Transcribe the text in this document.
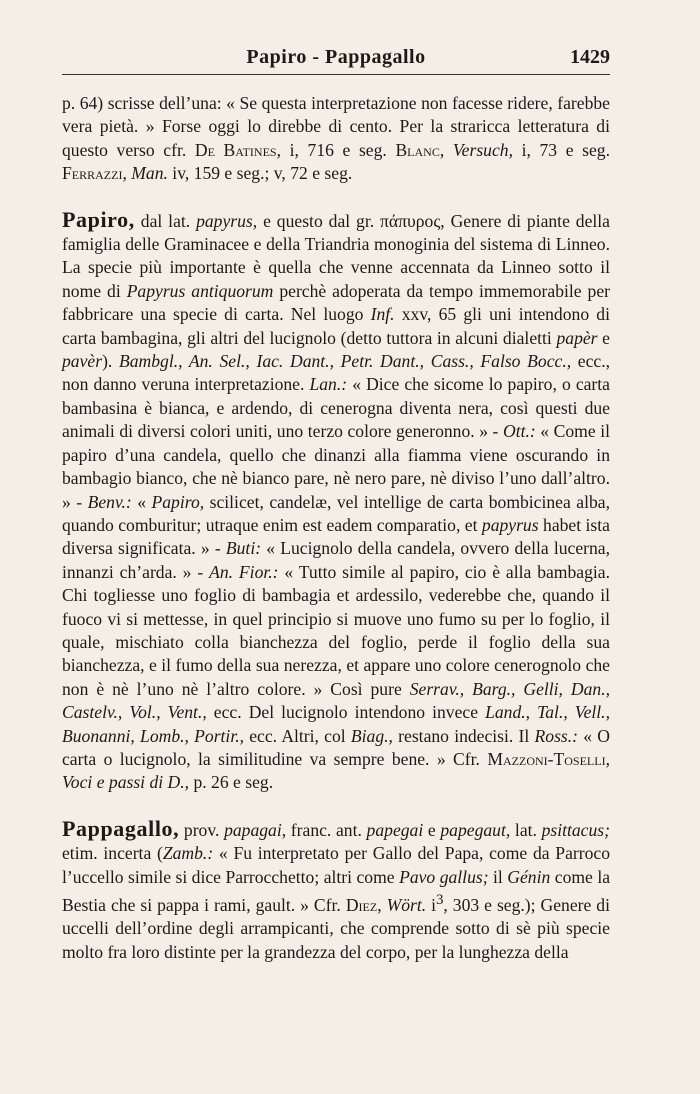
Papiro - Pappagallo	1429

p. 64) scrisse dell’una: « Se questa interpretazione non facesse ridere, farebbe vera pietà. » Forse oggi lo direbbe di cento. Per la straricca letteratura di questo verso cfr. De Batines, i, 716 e seg. Blanc, Versuch, i, 73 e seg. Ferrazzi, Man. iv, 159 e seg.; v, 72 e seg.

Papiro, dal lat. papyrus, e questo dal gr. πάπυρος, Genere di piante della famiglia delle Graminacee e della Triandria monoginia del sistema di Linneo. La specie più importante è quella che venne accennata da Linneo sotto il nome di Papyrus antiquorum perchè adoperata da tempo immemorabile per fabbricare una specie di carta. Nel luogo Inf. xxv, 65 gli uni intendono di carta bambagina, gli altri del lucignolo (detto tuttora in alcuni dialetti papèr e pavèr). Bambgl., An. Sel., Iac. Dant., Petr. Dant., Cass., Falso Bocc., ecc., non danno veruna interpretazione. Lan.: « Dice che sicome lo papiro, o carta bambasina è bianca, e ardendo, di cenerogna diventa nera, così questi due animali di diversi colori uniti, uno terzo colore generonno. » - Ott.: « Come il papiro d’una candela, quello che dinanzi alla fiamma viene oscurando in bambagio bianco, che nè bianco pare, nè nero pare, nè diviso l’uno dall’altro. » - Benv.: « Papiro, scilicet, candelæ, vel intellige de carta bombicinea alba, quando comburitur; utraque enim est eadem comparatio, et papyrus habet ista diversa significata. » - Buti: « Lucignolo della candela, ovvero della lucerna, innanzi ch’arda. » - An. Fior.: « Tutto simile al papiro, cio è alla bambagia. Chi togliesse uno foglio di bambagia et ardessilo, vederebbe che, quando il fuoco vi si mettesse, in quel principio si muove uno fumo su per lo foglio, il quale, mischiato colla bianchezza del foglio, perde il foglio della sua bianchezza, e il fumo della sua nerezza, et appare uno colore cenerognolo che non è nè l’uno nè l’altro colore. » Così pure Serrav., Barg., Gelli, Dan., Castelv., Vol., Vent., ecc. Del lucignolo intendono invece Land., Tal., Vell., Buonanni, Lomb., Portir., ecc. Altri, col Biag., restano indecisi. Il Ross.: « O carta o lucignolo, la similitudine va sempre bene. » Cfr. Mazzoni-Toselli, Voci e passi di D., p. 26 e seg.

Pappagallo, prov. papagai, franc. ant. papegai e papegaut, lat. psittacus; etim. incerta (Zamb.: « Fu interpretato per Gallo del Papa, come da Parroco l’uccello simile si dice Parrocchetto; altri come Pavo gallus; il Génin come la Bestia che si pappa i rami, gault. » Cfr. Diez, Wört. $i^3$, 303 e seg.); Genere di uccelli dell’ordine degli arrampicanti, che comprende sotto di sè più specie molto fra loro distinte per la grandezza del corpo, per la lunghezza della
